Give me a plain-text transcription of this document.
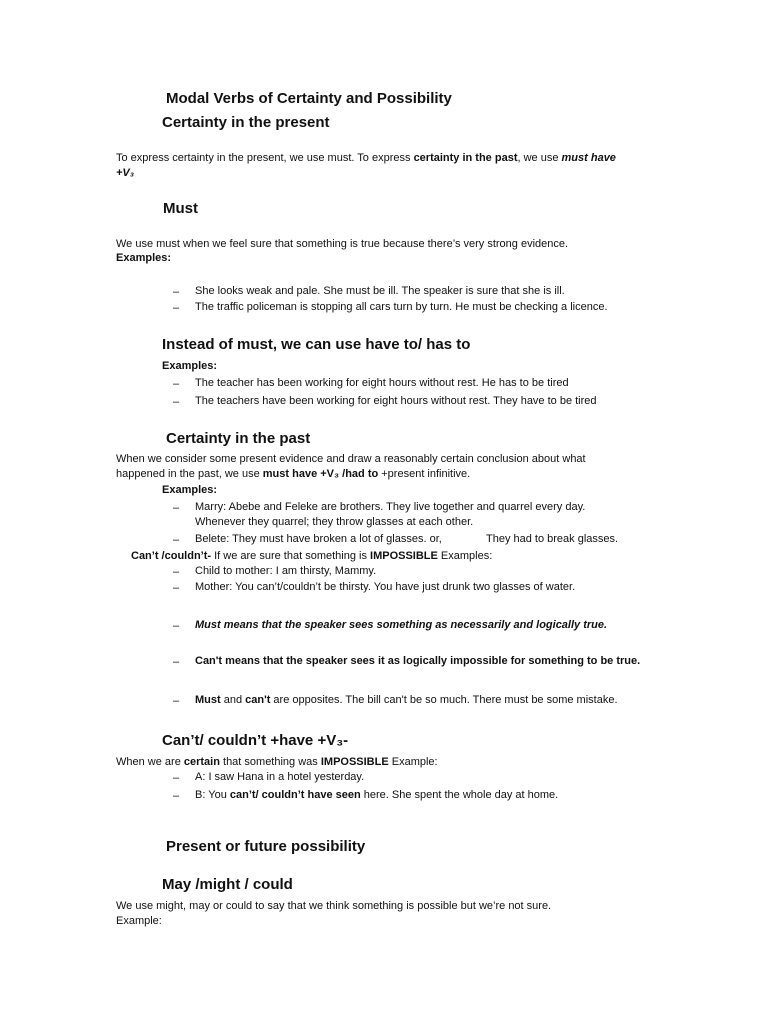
Modal Verbs of Certainty and Possibility
Certainty in the present
To express certainty in the present, we use must. To express certainty in the past, we use must have
+V₃
Must
We use must when we feel sure that something is true because there’s very strong evidence.
Examples:
– She looks weak and pale. She must be ill. The speaker is sure that she is ill.
– The traffic policeman is stopping all cars turn by turn. He must be checking a licence.
Instead of must, we can use have to/ has to
Examples:
– The teacher has been working for eight hours without rest. He has to be tired
– The teachers have been working for eight hours without rest. They have to be tired
Certainty in the past
When we consider some present evidence and draw a reasonably certain conclusion about what
happened in the past, we use must have +V₃ /had to +present infinitive.
Examples:
– Marry: Abebe and Feleke are brothers. They live together and quarrel every day.
Whenever they quarrel; they throw glasses at each other.
– Belete: They must have broken a lot of glasses. or,	They had to break glasses.
Can’t /couldn’t- If we are sure that something is IMPOSSIBLE Examples:
– Child to mother: I am thirsty, Mammy.
– Mother: You can’t/couldn’t be thirsty. You have just drunk two glasses of water.
– Must means that the speaker sees something as necessarily and logically true.
– Can't means that the speaker sees it as logically impossible for something to be true.
– Must and can't are opposites. The bill can't be so much. There must be some mistake.
Can’t/ couldn’t +have +V₃-
When we are certain that something was IMPOSSIBLE Example:
– A: I saw Hana in a hotel yesterday.
– B: You can’t/ couldn’t have seen here. She spent the whole day at home.
Present or future possibility
May /might / could
We use might, may or could to say that we think something is possible but we’re not sure.
Example:
